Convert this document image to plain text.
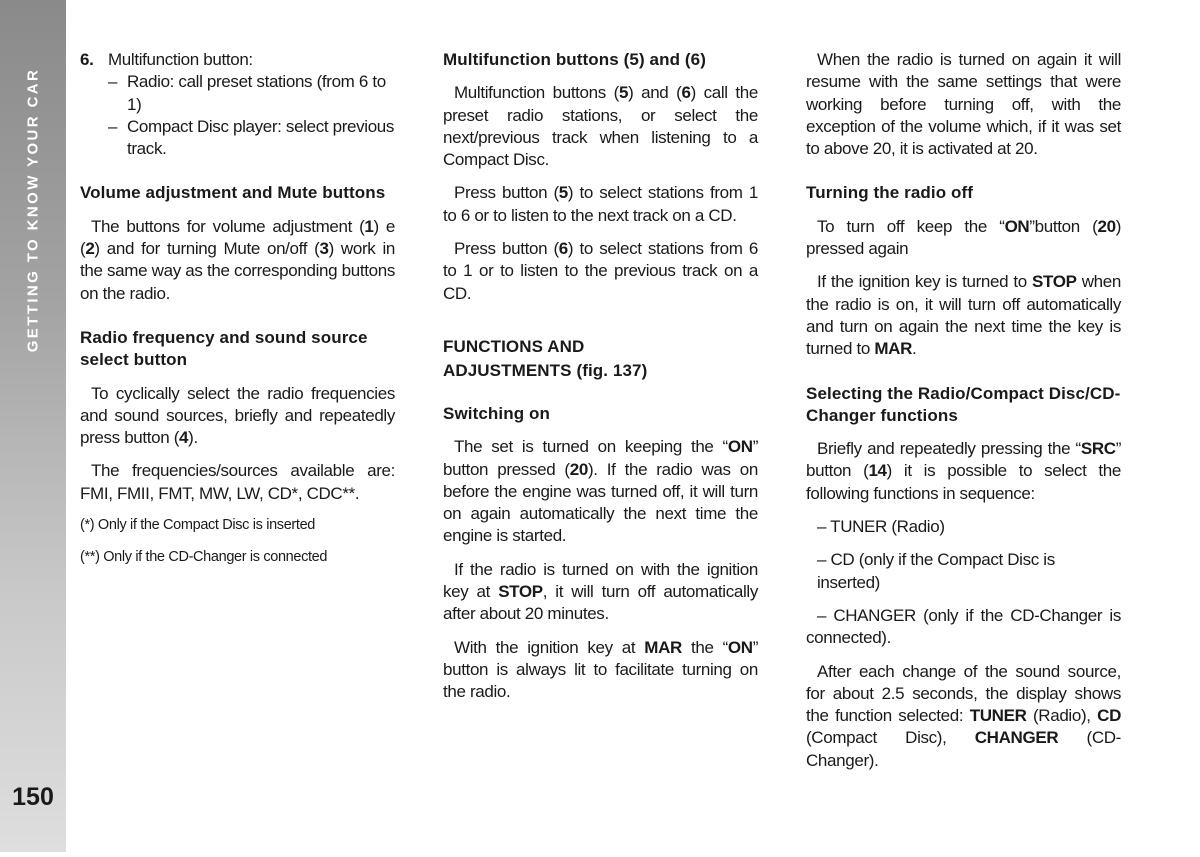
GETTING TO KNOW YOUR CAR
150
6. Multifunction button:
– Radio: call preset stations (from 6 to 1)
– Compact Disc player: select previous track.
Volume adjustment and Mute buttons

The buttons for volume adjustment (1) e (2) and for turning Mute on/off (3) work in the same way as the corresponding buttons on the radio.

Radio frequency and sound source select button

To cyclically select the radio frequencies and sound sources, briefly and repeatedly press button (4).

The frequencies/sources available are: FMI, FMII, FMT, MW, LW, CD*, CDC**.

(*) Only if the Compact Disc is inserted

(**) Only if the CD-Changer is connected

Multifunction buttons (5) and (6)

Multifunction buttons (5) and (6) call the preset radio stations, or select the next/previous track when listening to a Compact Disc.

Press button (5) to select stations from 1 to 6 or to listen to the next track on a CD.

Press button (6) to select stations from 6 to 1 or to listen to the previous track on a CD.

FUNCTIONS AND
ADJUSTMENTS (fig. 137)
Switching on

The set is turned on keeping the “ON” button pressed (20). If the radio was on before the engine was turned off, it will turn on again automatically the next time the engine is started.

If the radio is turned on with the ignition key at STOP, it will turn off automatically after about 20 minutes.

With the ignition key at MAR the “ON” button is always lit to facilitate turning on the radio.

When the radio is turned on again it will resume with the same settings that were working before turning off, with the exception of the volume which, if it was set to above 20, it is activated at 20.

Turning the radio off

To turn off keep the “ON”button (20) pressed again

If the ignition key is turned to STOP when the radio is on, it will turn off automatically and turn on again the next time the key is turned to MAR.

Selecting the Radio/Compact Disc/CD-Changer functions

Briefly and repeatedly pressing the “SRC” button (14) it is possible to select the following functions in sequence:

– TUNER (Radio)

– CD (only if the Compact Disc is inserted)

– CHANGER (only if the CD-Changer is connected).

After each change of the sound source, for about 2.5 seconds, the display shows the function selected: TUNER (Radio), CD (Compact Disc), CHANGER (CD-Changer).
